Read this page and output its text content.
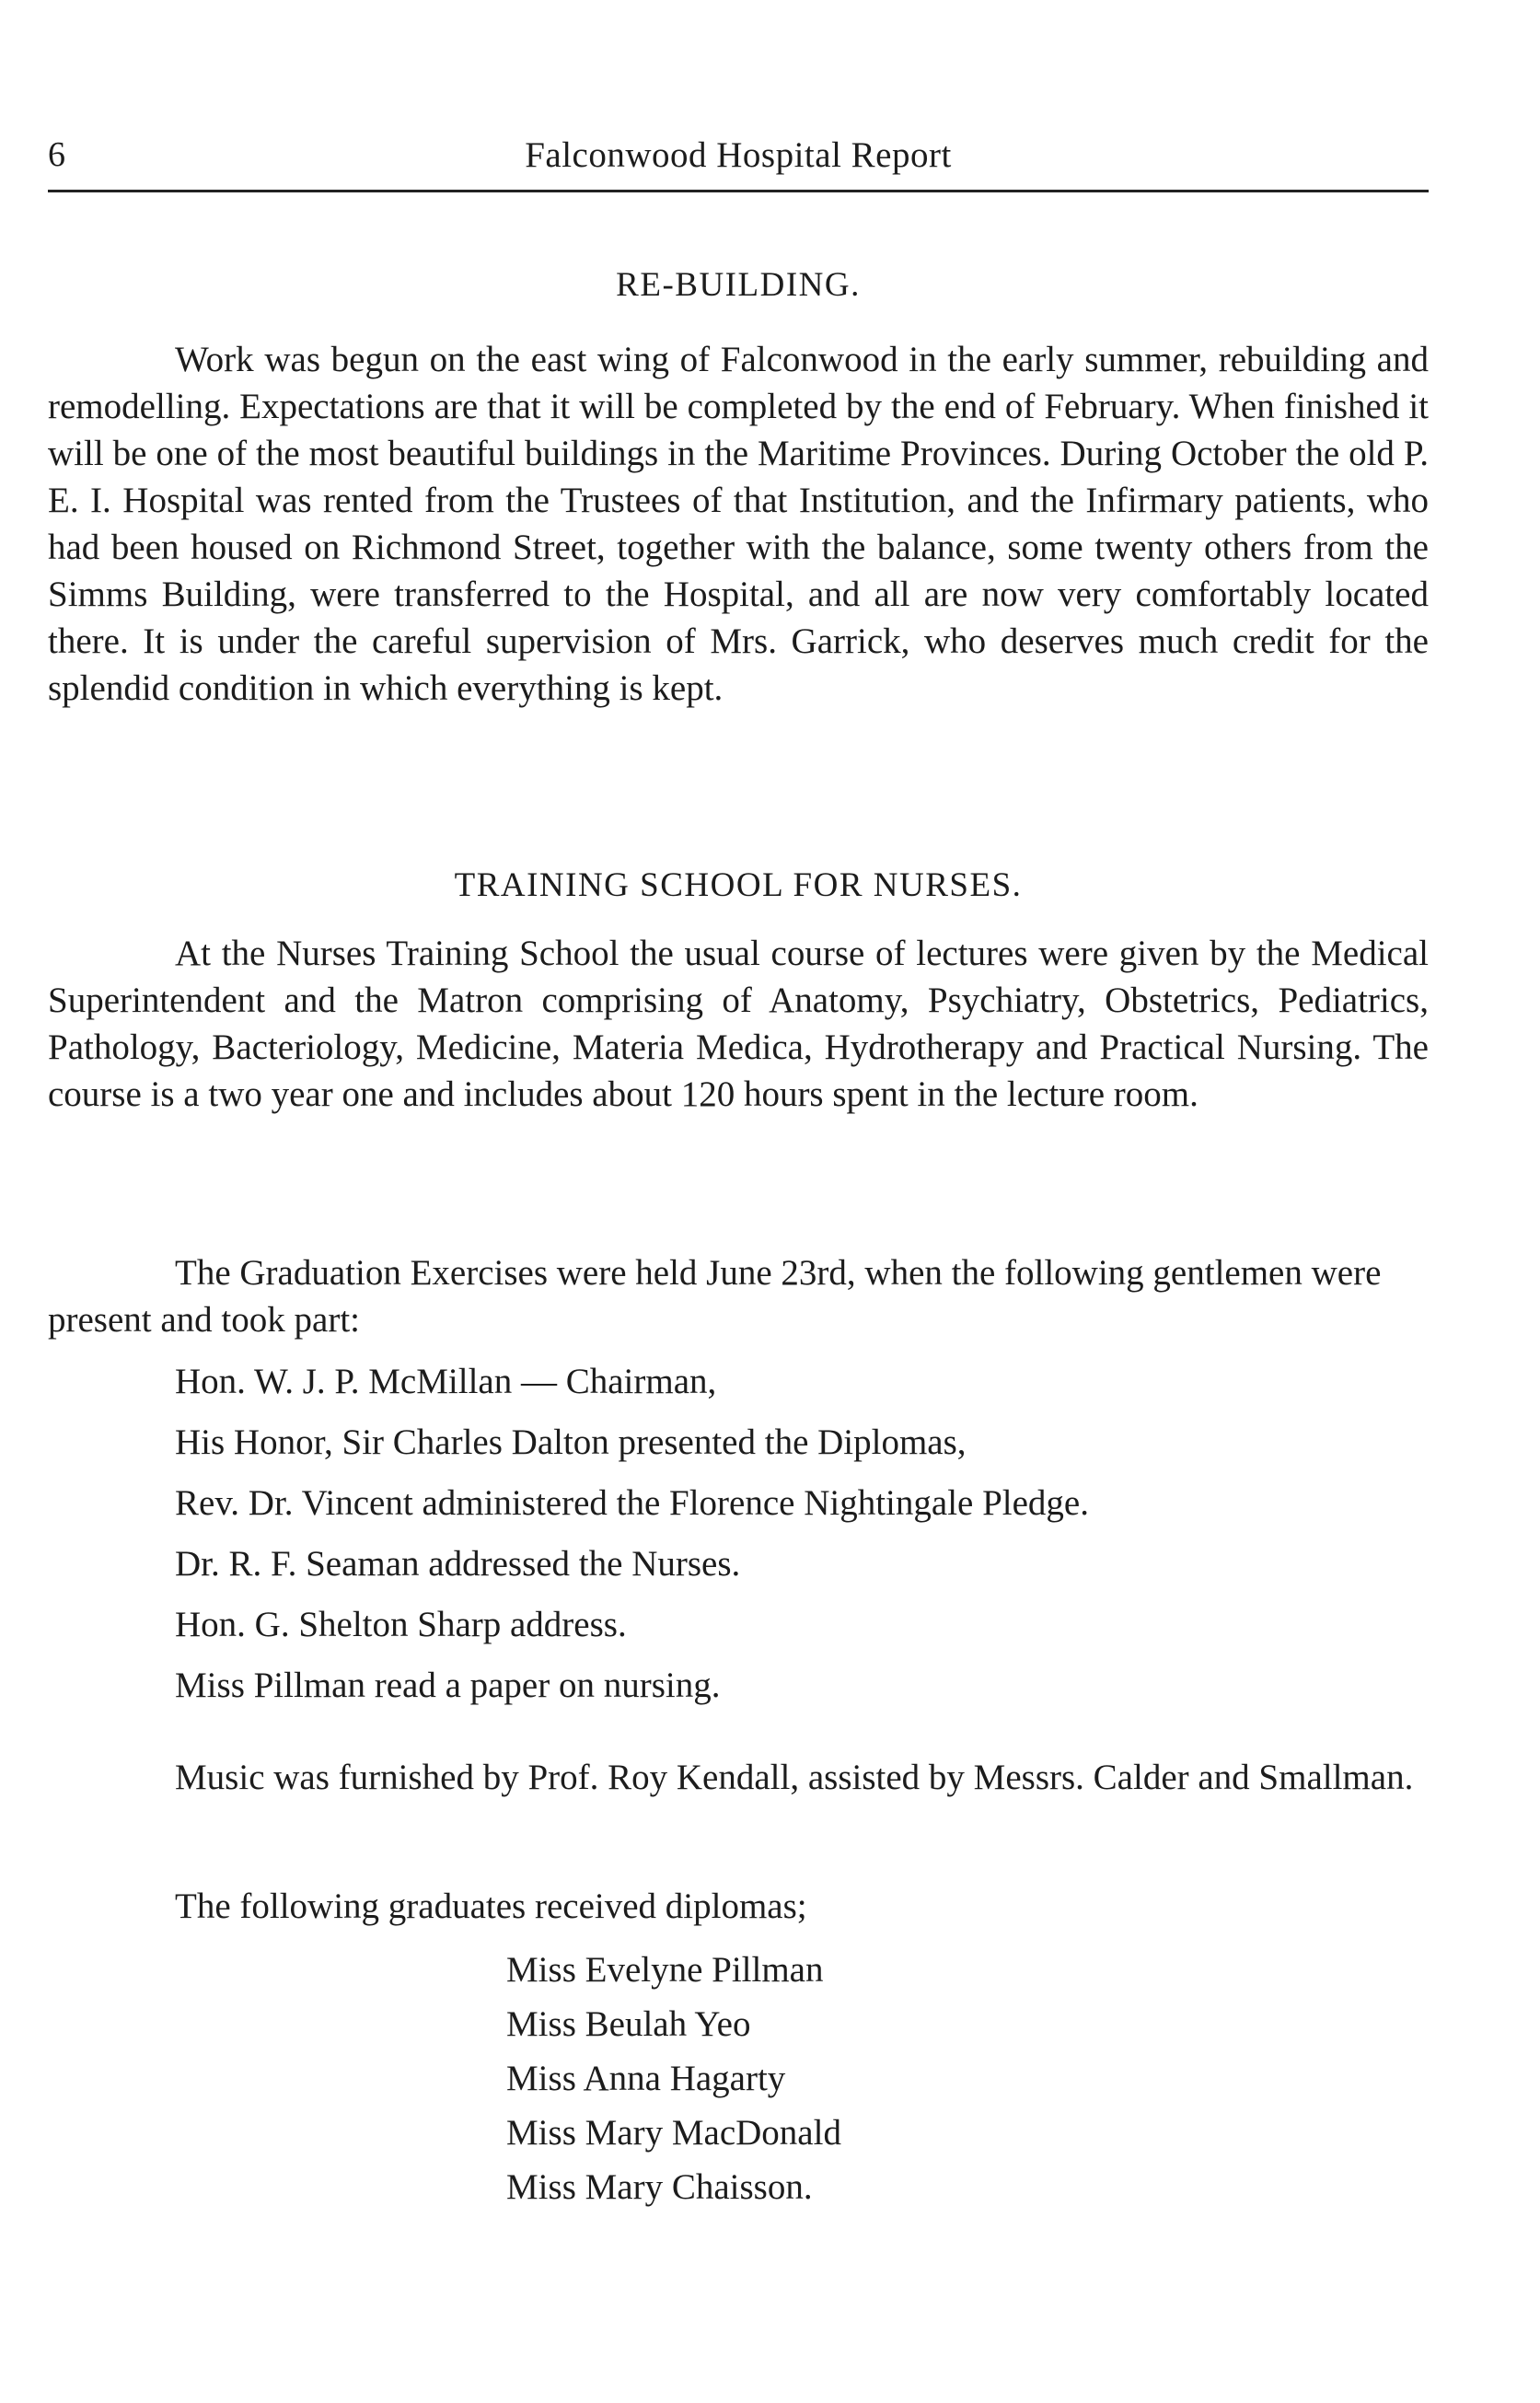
6	Falconwood Hospital Report
RE-BUILDING.

Work was begun on the east wing of Falconwood in the early summer, rebuilding and remodelling. Expectations are that it will be completed by the end of February. When finished it will be one of the most beautiful buildings in the Maritime Provinces. During October the old P. E. I. Hospital was rented from the Trustees of that Institution, and the Infirmary patients, who had been housed on Richmond Street, together with the balance, some twenty others from the Simms Building, were transferred to the Hospital, and all are now very comfortably located there. It is under the careful supervision of Mrs. Garrick, who deserves much credit for the splendid condition in which everything is kept.

TRAINING SCHOOL FOR NURSES.

At the Nurses Training School the usual course of lectures were given by the Medical Superintendent and the Matron comprising of Anatomy, Psychiatry, Obstetrics, Pediatrics, Pathology, Bacteriology, Medicine, Materia Medica, Hydrotherapy and Practical Nursing. The course is a two year one and includes about 120 hours spent in the lecture room.

The Graduation Exercises were held June 23rd, when the following gentlemen were present and took part:

Hon. W. J. P. McMillan — Chairman,
His Honor, Sir Charles Dalton presented the Diplomas,
Rev. Dr. Vincent administered the Florence Nightingale Pledge.
Dr. R. F. Seaman addressed the Nurses.
Hon. G. Shelton Sharp address.
Miss Pillman read a paper on nursing.

Music was furnished by Prof. Roy Kendall, assisted by Messrs. Calder and Smallman.

The following graduates received diplomas;

Miss Evelyne Pillman
Miss Beulah Yeo
Miss Anna Hagarty
Miss Mary MacDonald
Miss Mary Chaisson.
